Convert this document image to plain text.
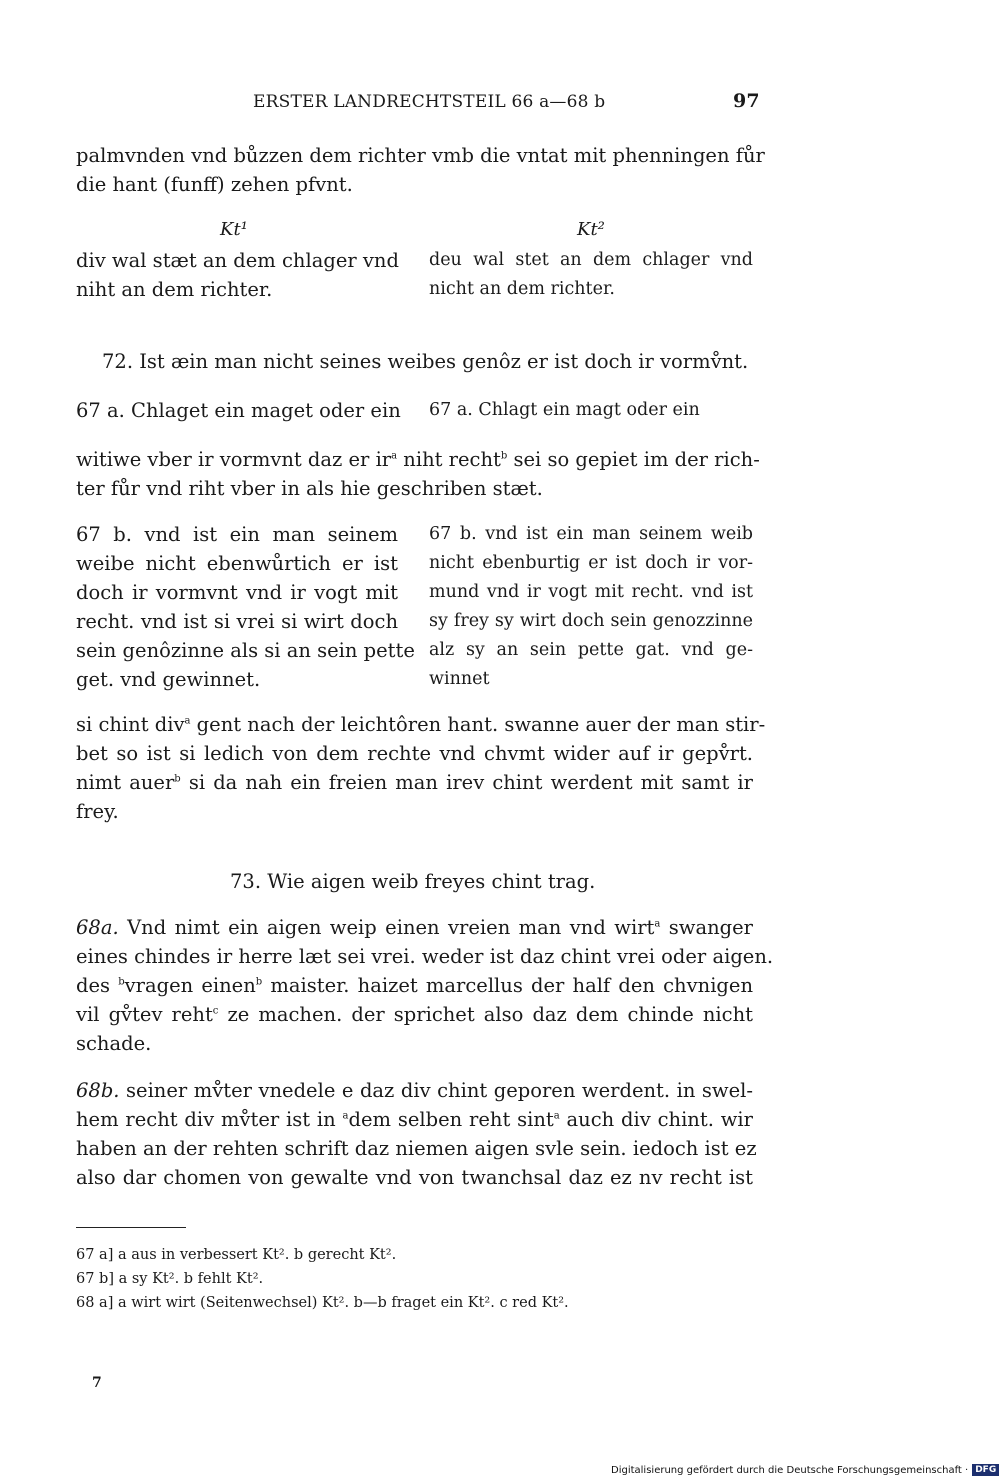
ERSTER LANDRECHTSTEIL 66 a—68 b	97
palmvnden vnd bůzzen dem richter vmb die vntat mit phenningen fůr
die hant (funff) zehen pfvnt.
Kt¹	Kt²
div wal stæt an dem chlager vnd
niht an dem richter.
deu wal stet an dem chlager vnd
nicht an dem richter.
72. Ist æin man nicht seines weibes genôz er ist doch ir vormv̊nt.
67 a. Chlaget ein maget oder ein 67 a. Chlagt ein magt oder ein
witiwe vber ir vormvnt daz er $ir^a$ niht recht$^b$ sei so gepiet im der rich-
ter fůr vnd riht vber in als hie geschriben stæt.
67 b. vnd ist ein man seinem
weibe nicht ebenwůrtich er ist
doch ir vormvnt vnd ir vogt mit
recht. vnd ist si vrei si wirt doch
sein genôzinne als si an sein pette
get. vnd gewinnet.
67 b. vnd ist ein man seinem weib
nicht ebenburtig er ist doch ir vor-
mund vnd ir vogt mit recht. vnd ist
sy frey sy wirt doch sein genozzinne
alz sy an sein pette gat. vnd ge-
winnet
si chint div$^a$ gent nach der leichtôren hant. swanne auer der man stir-
bet so ist si ledich von dem rechte vnd chvmt wider auf ir gepv̊rt.
nimt auer$^b$ si da nah ein freien man irev chint werdent mit samt ir
frey.
73. Wie aigen weib freyes chint trag.
68a. Vnd nimt ein aigen weip einen vreien man vnd wirt$^a$ swanger
eines chindes ir herre læt sei vrei. weder ist daz chint vrei oder aigen.
des $^b$vragen einen$^b$ maister. haizet marcellus der half den chvnigen
vil gv̊tev reht$^c$ ze machen. der sprichet also daz dem chinde nicht
schade.
68b. seiner mv̊ter vnedele e daz div chint geporen werdent. in swel-
hem recht div mv̊ter ist in $^a$dem selben reht sint$^a$ auch div chint. wir
haben an der rehten schrift daz niemen aigen svle sein. iedoch ist ez
also dar chomen von gewalte vnd von twanchsal daz ez nv recht ist
67 a] a aus in verbessert Kt². b gerecht Kt².
67 b] a sy Kt². b fehlt Kt².
68 a] a wirt wirt (Seitenwechsel) Kt². b—b fraget ein Kt². c red Kt².
7
Digitalisierung gefördert durch die Deutsche Forschungsgemeinschaft · DFG
